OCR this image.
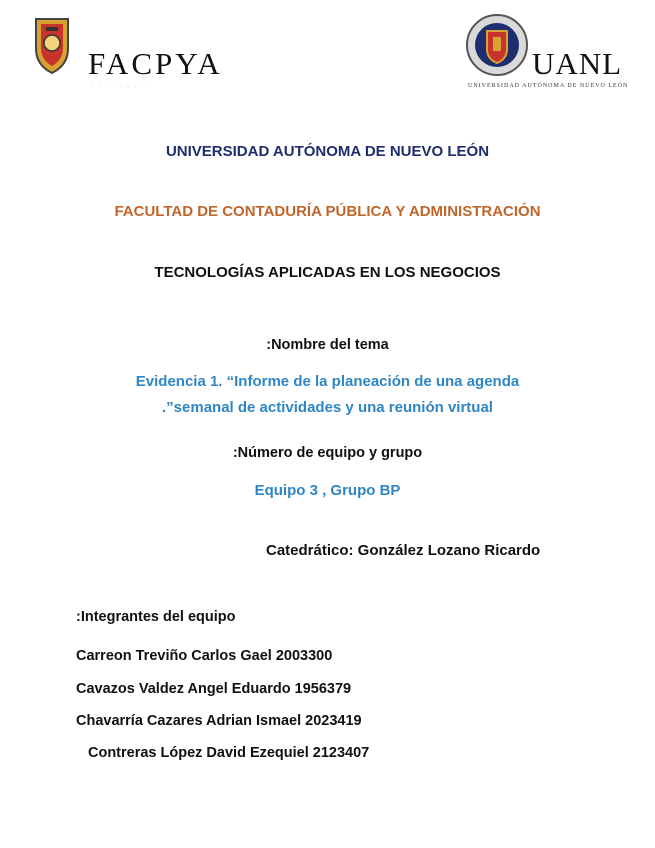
FACPYA
· · · · · · · · ·
UANL
UNIVERSIDAD AUTÓNOMA DE NUEVO LEÓN
UNIVERSIDAD AUTÓNOMA DE NUEVO LEÓN
FACULTAD DE CONTADURÍA PÚBLICA Y ADMINISTRACIÓN
TECNOLOGÍAS APLICADAS EN LOS NEGOCIOS
:Nombre del tema
Evidencia 1. “Informe de la planeación de una agenda
.”semanal de actividades y una reunión virtual
:Número de equipo y grupo
Equipo 3 , Grupo BP
Catedrático: González Lozano Ricardo
:Integrantes del equipo
Carreon Treviño Carlos Gael 2003300
Cavazos Valdez Angel Eduardo 1956379
Chavarría Cazares Adrian Ismael 2023419
Contreras López David Ezequiel 2123407
